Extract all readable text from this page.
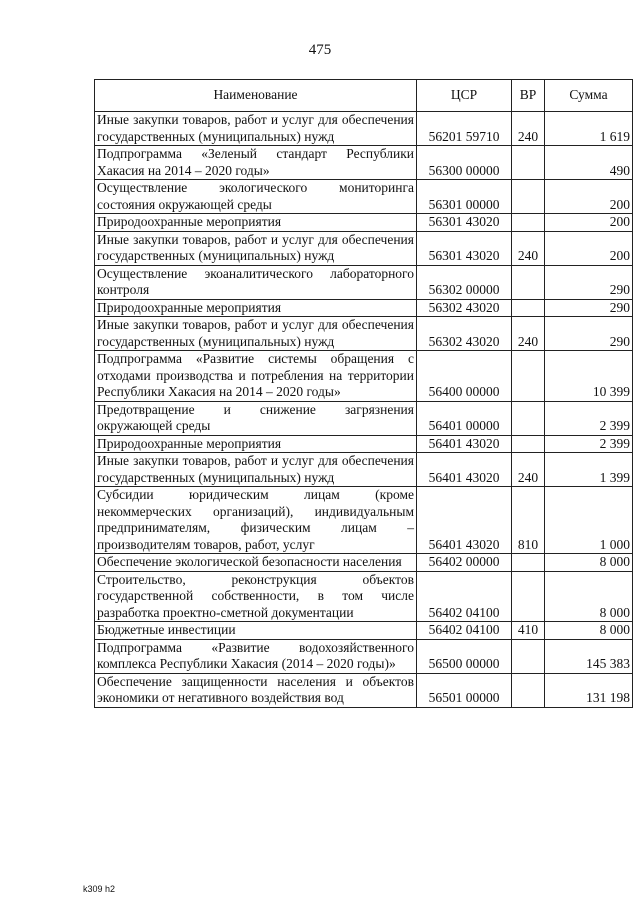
475
Наименование	ЦСР	ВР	Сумма
Иные закупки товаров, работ и услуг для обеспечения государственных (муниципальных) нужд	56201 59710	240	1 619
Подпрограмма «Зеленый стандарт Республики Хакасия на 2014 – 2020 годы»	56300 00000		490
Осуществление экологического мониторинга состояния окружающей среды	56301 00000		200
Природоохранные мероприятия	56301 43020		200
Иные закупки товаров, работ и услуг для обеспечения государственных (муниципальных) нужд	56301 43020	240	200
Осуществление экоаналитического лабораторного контроля	56302 00000		290
Природоохранные мероприятия	56302 43020		290
Иные закупки товаров, работ и услуг для обеспечения государственных (муниципальных) нужд	56302 43020	240	290
Подпрограмма «Развитие системы обращения с отходами производства и потребления на территории Республики Хакасия на 2014 – 2020 годы»	56400 00000		10 399
Предотвращение и снижение загрязнения окружающей среды	56401 00000		2 399
Природоохранные мероприятия	56401 43020		2 399
Иные закупки товаров, работ и услуг для обеспечения государственных (муниципальных) нужд	56401 43020	240	1 399
Субсидии юридическим лицам (кроме некоммерческих организаций), индивидуальным предпринимателям, физическим лицам – производителям товаров, работ, услуг	56401 43020	810	1 000
Обеспечение экологической безопасности населения	56402 00000		8 000
Строительство, реконструкция объектов государственной собственности, в том числе разработка проектно-сметной документации	56402 04100		8 000
Бюджетные инвестиции	56402 04100	410	8 000
Подпрограмма «Развитие водохозяйственного комплекса Республики Хакасия (2014 – 2020 годы)»	56500 00000		145 383
Обеспечение защищенности населения и объектов экономики от негативного воздействия вод	56501 00000		131 198
k309 h2
